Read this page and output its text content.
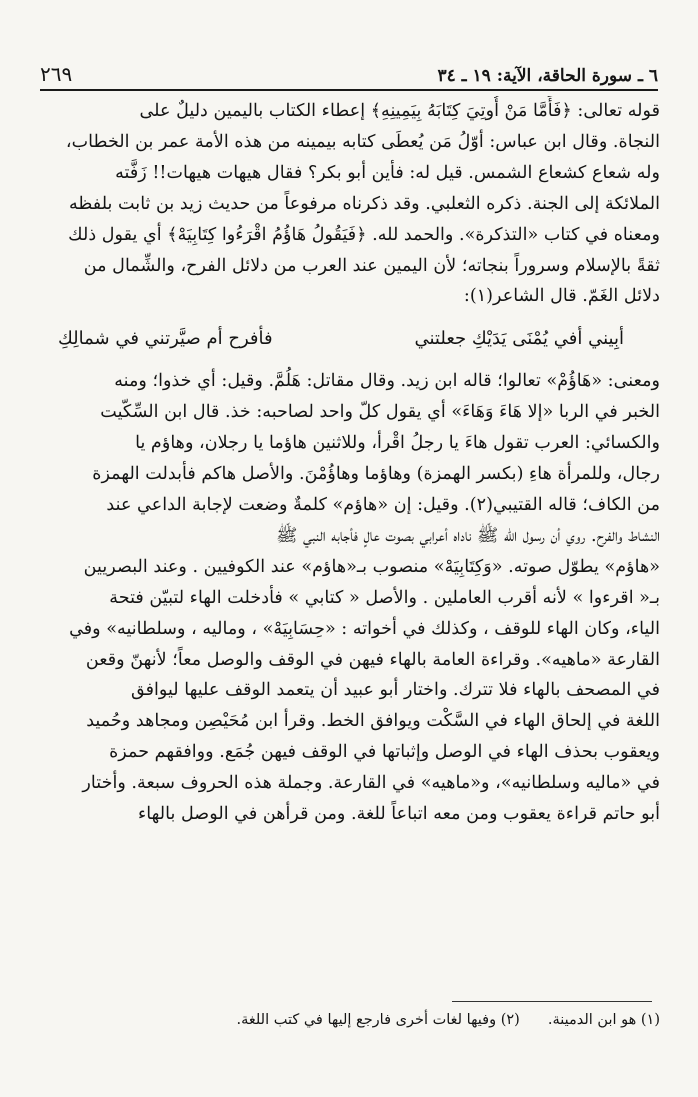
٦ ـ سورة الحاقة، الآية: ١٩ ـ ٣٤
٢٦٩
قوله تعالى: ﴿فَأَمَّا مَنْ أُوتِيَ كِتَابَهُ بِيَمِينِهِ﴾ إعطاء الكتاب باليمين دليلٌ على
النجاة. وقال ابن عباس: أوّلُ مَن يُعطَى كتابه بيمينه من هذه الأمة عمر بن الخطاب،
وله شعاع كشعاع الشمس. قيل له: فأين أبو بكر؟ فقال هيهات هيهات!! زَفَّته
الملائكة إلى الجنة. ذكره الثعلبي. وقد ذكرناه مرفوعاً من حديث زيد بن ثابت بلفظه
ومعناه في كتاب «التذكرة». والحمد لله. ﴿فَيَقُولُ هَاؤُمُ اقْرَءُوا كِتَابِيَهْ﴾ أي يقول ذلك
ثقةً بالإسلام وسروراً بنجاته؛ لأن اليمين عند العرب من دلائل الفرح، والشِّمال من
دلائل الغَمّ. قال الشاعر(١):
أبِيني أفي يُمْنَى يَدَيْكِ جعلتني
فأفرح أم صيَّرتني في شمالِكِ
ومعنى: «هَاؤُمْ» تعالوا؛ قاله ابن زيد. وقال مقاتل: هَلُمَّ. وقيل: أي خذوا؛ ومنه
الخبر في الربا «إلا هَاءَ وَهَاءَ» أي يقول كلّ واحد لصاحبه: خذ. قال ابن السِّكّيت
والكسائي: العرب تقول هاءَ يا رجلُ اقْرأ، وللاثنين هاؤما يا رجلان، وهاؤم يا
رجال، وللمرأة هاءِ (بكسر الهمزة) وهاؤما وهاؤُمْنَ. والأصل هاكم فأبدلت الهمزة
من الكاف؛ قاله القتيبي(٢). وقيل: إن «هاؤم» كلمةٌ وضعت لإجابة الداعي عند
النشاط والفرح. روي أن رسول الله ﷺ ناداه أعرابي بصوت عالٍ فأجابه النبي ﷺ
«هاؤم» يطوّل صوته. «وَكِتَابِيَهْ» منصوب بـ«هاؤم» عند الكوفيين . وعند البصريين
بـ« اقرءوا » لأنه أقرب العاملين . والأصل « كتابي » فأدخلت الهاء لتبيّن فتحة
الياء، وكان الهاء للوقف ، وكذلك في أخواته : «حِسَابِيَهْ» ، وماليه ، وسلطانيه» وفي
القارعة «ماهيه». وقراءة العامة بالهاء فيهن في الوقف والوصل معاً؛ لأنهنّ وقعن
في المصحف بالهاء فلا تترك. واختار أبو عبيد أن يتعمد الوقف عليها ليوافق
اللغة في إلحاق الهاء في السَّكْت ويوافق الخط. وقرأ ابن مُحَيْصِن ومجاهد وحُميد
ويعقوب بحذف الهاء في الوصل وإثباتها في الوقف فيهن جُمَع. ووافقهم حمزة
في «ماليه وسلطانيه»، و«ماهيه» في القارعة. وجملة هذه الحروف سبعة. وأختار
أبو حاتم قراءة يعقوب ومن معه اتباعاً للغة. ومن قرأهن في الوصل بالهاء
(١) هو ابن الدمينة.(٢) وفيها لغات أخرى فارجع إليها في كتب اللغة.
